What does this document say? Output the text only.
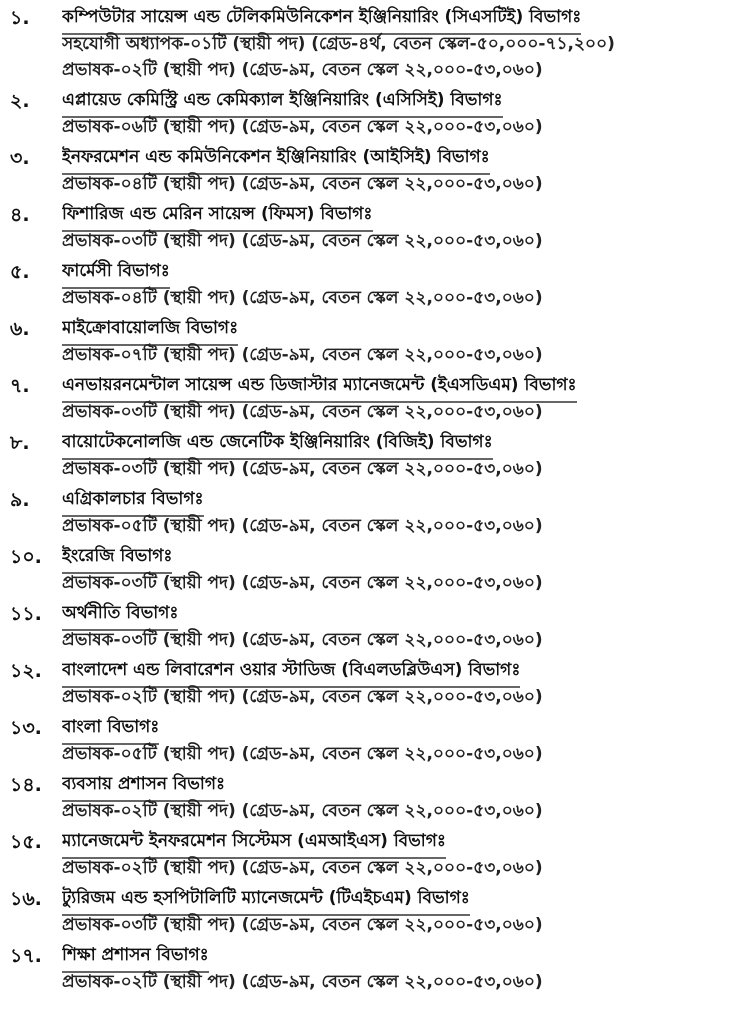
১. কম্পিউটার সায়েন্স এন্ড টেলিকমিউনিকেশন ইঞ্জিনিয়ারিং (সিএসটিই) বিভাগঃ
সহযোগী অধ্যাপক-০১টি (স্থায়ী পদ) (গ্রেড-৪র্থ, বেতন স্কেল-৫০,০০০-৭১,২০০)
প্রভাষক-০২টি (স্থায়ী পদ) (গ্রেড-৯ম, বেতন স্কেল ২২,০০০-৫৩,০৬০)
২. এপ্লায়েড কেমিস্ট্রি এন্ড কেমিক্যাল ইঞ্জিনিয়ারিং (এসিসিই) বিভাগঃ
প্রভাষক-০৬টি (স্থায়ী পদ) (গ্রেড-৯ম, বেতন স্কেল ২২,০০০-৫৩,০৬০)
৩. ইনফরমেশন এন্ড কমিউনিকেশন ইঞ্জিনিয়ারিং (আইসিই) বিভাগঃ
প্রভাষক-০৪টি (স্থায়ী পদ) (গ্রেড-৯ম, বেতন স্কেল ২২,০০০-৫৩,০৬০)
৪. ফিশারিজ এন্ড মেরিন সায়েন্স (ফিমস) বিভাগঃ
প্রভাষক-০৩টি (স্থায়ী পদ) (গ্রেড-৯ম, বেতন স্কেল ২২,০০০-৫৩,০৬০)
৫. ফার্মেসী বিভাগঃ
প্রভাষক-০৪টি (স্থায়ী পদ) (গ্রেড-৯ম, বেতন স্কেল ২২,০০০-৫৩,০৬০)
৬. মাইক্রোবায়োলজি বিভাগঃ
প্রভাষক-০৭টি (স্থায়ী পদ) (গ্রেড-৯ম, বেতন স্কেল ২২,০০০-৫৩,০৬০)
৭. এনভায়রনমেন্টাল সায়েন্স এন্ড ডিজাস্টার ম্যানেজমেন্ট (ইএসডিএম) বিভাগঃ
প্রভাষক-০৩টি (স্থায়ী পদ) (গ্রেড-৯ম, বেতন স্কেল ২২,০০০-৫৩,০৬০)
৮. বায়োটেকনোলজি এন্ড জেনেটিক ইঞ্জিনিয়ারিং (বিজিই) বিভাগঃ
প্রভাষক-০৩টি (স্থায়ী পদ) (গ্রেড-৯ম, বেতন স্কেল ২২,০০০-৫৩,০৬০)
৯. এগ্রিকালচার বিভাগঃ
প্রভাষক-০৫টি (স্থায়ী পদ) (গ্রেড-৯ম, বেতন স্কেল ২২,০০০-৫৩,০৬০)
১০. ইংরেজি বিভাগঃ
প্রভাষক-০৩টি (স্থায়ী পদ) (গ্রেড-৯ম, বেতন স্কেল ২২,০০০-৫৩,০৬০)
১১. অর্থনীতি বিভাগঃ
প্রভাষক-০৩টি (স্থায়ী পদ) (গ্রেড-৯ম, বেতন স্কেল ২২,০০০-৫৩,০৬০)
১২. বাংলাদেশ এন্ড লিবারেশন ওয়ার স্টাডিজ (বিএলডব্লিউএস) বিভাগঃ
প্রভাষক-০২টি (স্থায়ী পদ) (গ্রেড-৯ম, বেতন স্কেল ২২,০০০-৫৩,০৬০)
১৩. বাংলা বিভাগঃ
প্রভাষক-০৫টি (স্থায়ী পদ) (গ্রেড-৯ম, বেতন স্কেল ২২,০০০-৫৩,০৬০)
১৪. ব্যবসায় প্রশাসন বিভাগঃ
প্রভাষক-০২টি (স্থায়ী পদ) (গ্রেড-৯ম, বেতন স্কেল ২২,০০০-৫৩,০৬০)
১৫. ম্যানেজমেন্ট ইনফরমেশন সিস্টেমস (এমআইএস) বিভাগঃ
প্রভাষক-০২টি (স্থায়ী পদ) (গ্রেড-৯ম, বেতন স্কেল ২২,০০০-৫৩,০৬০)
১৬. ট্যুরিজম এন্ড হসপিটালিটি ম্যানেজমেন্ট (টিএইচএম) বিভাগঃ
প্রভাষক-০৩টি (স্থায়ী পদ) (গ্রেড-৯ম, বেতন স্কেল ২২,০০০-৫৩,০৬০)
১৭. শিক্ষা প্রশাসন বিভাগঃ
প্রভাষক-০২টি (স্থায়ী পদ) (গ্রেড-৯ম, বেতন স্কেল ২২,০০০-৫৩,০৬০)
